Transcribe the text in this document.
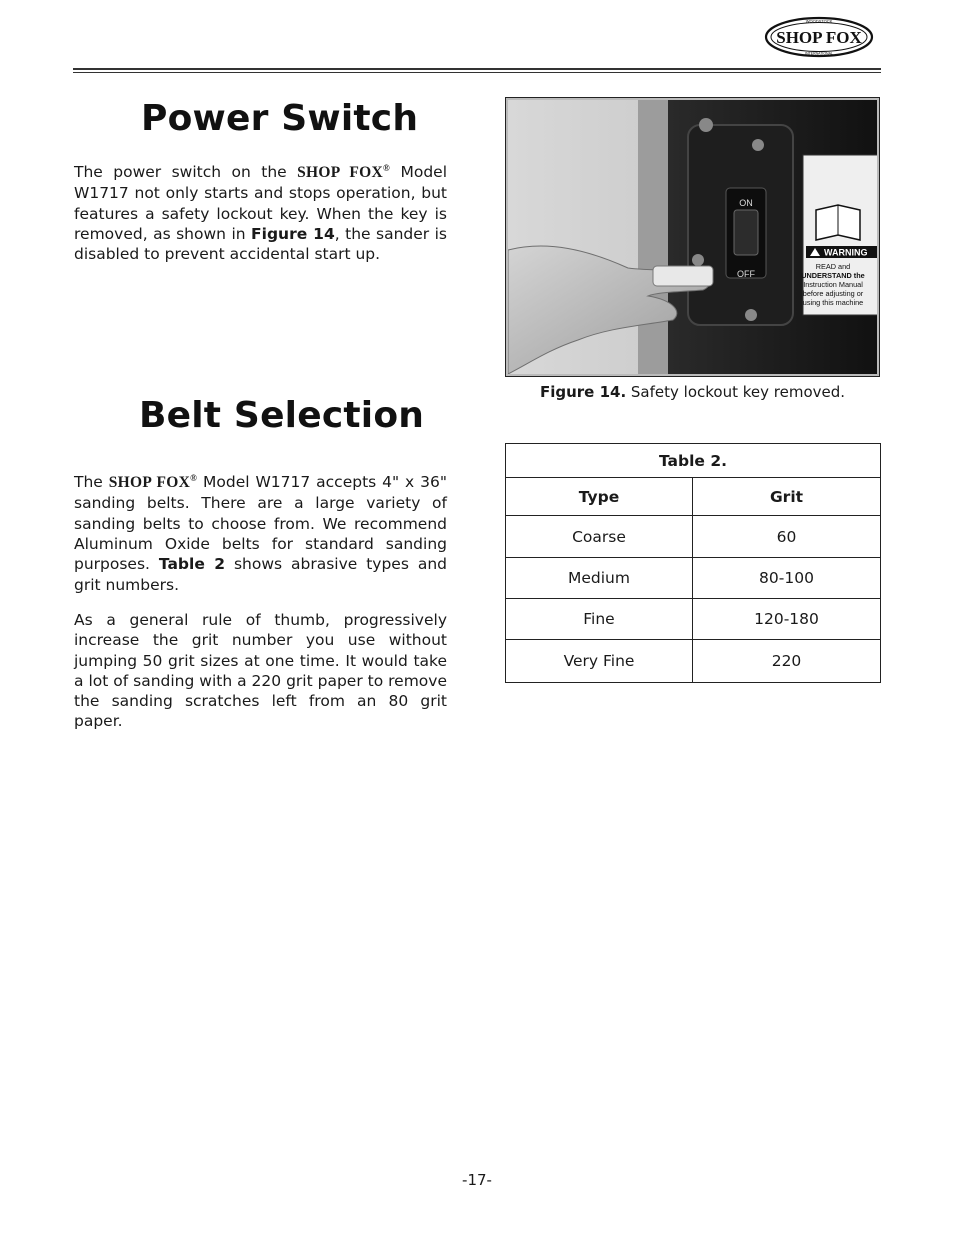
SHOP FOX
WOODSTOCK
INTERNATIONAL
Power Switch
The power switch on the SHOP FOX® Model W1717 not only starts and stops operation, but features a safety lockout key. When the key is removed, as shown in Figure 14, the sander is disabled to prevent accidental start up.
ON
OFF
WARNING
READ and
UNDERSTAND the
Instruction Manual
before adjusting or
using this machine
Figure 14. Safety lockout key removed.
Belt Selection
The SHOP FOX® Model W1717 accepts 4" x 36" sanding belts. There are a large variety of sanding belts to choose from. We recommend Aluminum Oxide belts for standard sanding purposes. Table 2 shows abrasive types and grit numbers.
As a general rule of thumb, progressively increase the grit number you use without jumping 50 grit sizes at one time. It would take a lot of sanding with a 220 grit paper to remove the sanding scratches left from an 80 grit paper.
Table 2.	
Type	Grit
Coarse	60
Medium	80-100
Fine	120-180
Very Fine	220
-17-
